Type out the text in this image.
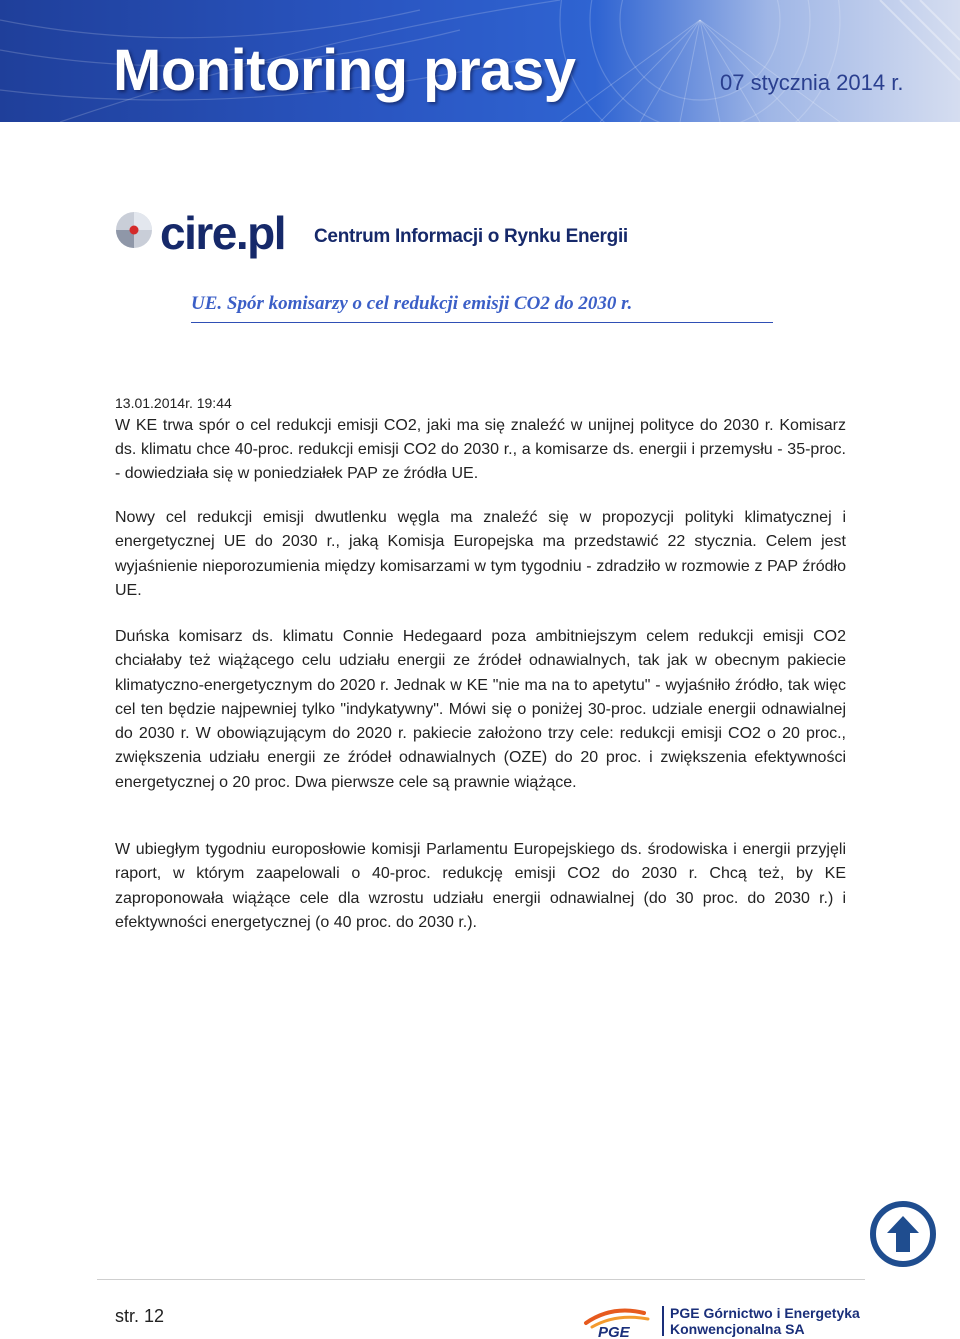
Monitoring prasy	07 stycznia 2014 r.
cire.pl Centrum Informacji o Rynku Energii
UE. Spór komisarzy o cel redukcji emisji CO2 do 2030 r.
13.01.2014r. 19:44

W KE trwa spór o cel redukcji emisji CO2, jaki ma się znaleźć w unijnej polityce do 2030 r. Komisarz ds. klimatu chce 40-proc. redukcji emisji CO2 do 2030 r., a komisarze ds. energii i przemysłu - 35-proc. - dowiedziała się w poniedziałek PAP ze źródła UE.

Nowy cel redukcji emisji dwutlenku węgla ma znaleźć się w propozycji polityki klimatycznej i energetycznej UE do 2030 r., jaką Komisja Europejska ma przedstawić 22 stycznia. Celem jest wyjaśnienie nieporozumienia między komisarzami w tym tygodniu - zdradziło w rozmowie z PAP źródło UE.

Duńska komisarz ds. klimatu Connie Hedegaard poza ambitniejszym celem redukcji emisji CO2 chciałaby też wiążącego celu udziału energii ze źródeł odnawialnych, tak jak w obecnym pakiecie klimatyczno-energetycznym do 2020 r. Jednak w KE "nie ma na to apetytu" - wyjaśniło źródło, tak więc cel ten będzie najpewniej tylko "indykatywny". Mówi się o poniżej 30-proc. udziale energii odnawialnej do 2030 r. W obowiązującym do 2020 r. pakiecie założono trzy cele: redukcji emisji CO2 o 20 proc., zwiększenia udziału energii ze źródeł odnawialnych (OZE) do 20 proc. i zwiększenia efektywności energetycznej o 20 proc. Dwa pierwsze cele są prawnie wiążące.

W ubiegłym tygodniu europosłowie komisji Parlamentu Europejskiego ds. środowiska i energii przyjęli raport, w którym zaapelowali o 40-proc. redukcję emisji CO2 do 2030 r. Chcą też, by KE zaproponowała wiążące cele dla wzrostu udziału energii odnawialnej (do 30 proc. do 2030 r.) i efektywności energetycznej (o 40 proc. do 2030 r.).

str. 12
PGE
PGE Górnictwo i Energetyka
Konwencjonalna SA
